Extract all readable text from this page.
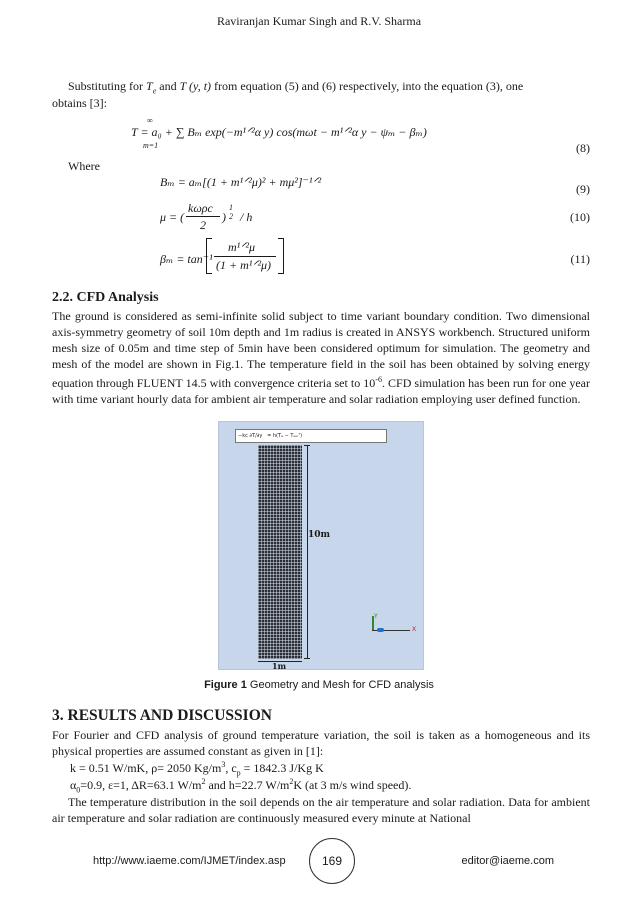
Raviranjan Kumar Singh and R.V. Sharma
Substituting for $T_e$ and T (y, t) from equation (5) and (6) respectively, into the equation (3), one
obtains [3]:
∞
T = a₀ + ∑ Bₘ exp(−m¹ᐟ²α y) cos(mωt − m¹ᐟ²α y − ψₘ − βₘ)
m=1	(8)
Where
Bₘ = aₘ[(1 + m¹ᐟ²μ)² + mμ²]⁻¹ᐟ²	(9)
μ = (
kωρc
2
)
1
2 / h	(10)
βₘ = tan⁻¹
m¹ᐟ²μ
(1 + m¹ᐟ²μ)	(11)
2.2. CFD Analysis
The ground is considered as semi-infinite solid subject to time variant boundary condition. Two dimensional axis-symmetry geometry of soil 10m depth and 1m radius is created in ANSYS workbench. Structured uniform mesh size of 0.05m and time step of 5min have been considered optimum for simulation. The geometry and mesh of the model are shown in Fig.1. The temperature field in the soil has been obtained by solving energy equation through FLUENT 14.5 with convergence criteria set to $10^{-6}$. CFD simulation has been run for one year with time variant hourly data for ambient air temperature and solar radiation employing user defined function.
−kc ∂T/∂y = h(Tₐ − Tₛᵤᵣᶠ)
10m
1m
Y
X
Figure 1 Geometry and Mesh for CFD analysis
3. RESULTS AND DISCUSSION
For Fourier and CFD analysis of ground temperature variation, the soil is taken as a homogeneous and its physical properties are assumed constant as given in [1]:
k = 0.51 W/mK, ρ= 2050 $Kg/m^3$, $c_p = 1842.3$ J/Kg K
$\alpha_0=0.9$, ε=1, ΔR=63.1 $W/m^2$ and h=22.7 $W/m^2K$ (at 3 m/s wind speed).
The temperature distribution in the soil depends on the air temperature and solar radiation. Data for ambient air temperature and solar radiation are continuously measured every minute at National
http://www.iaeme.com/IJMET/index.asp	169	editor@iaeme.com
